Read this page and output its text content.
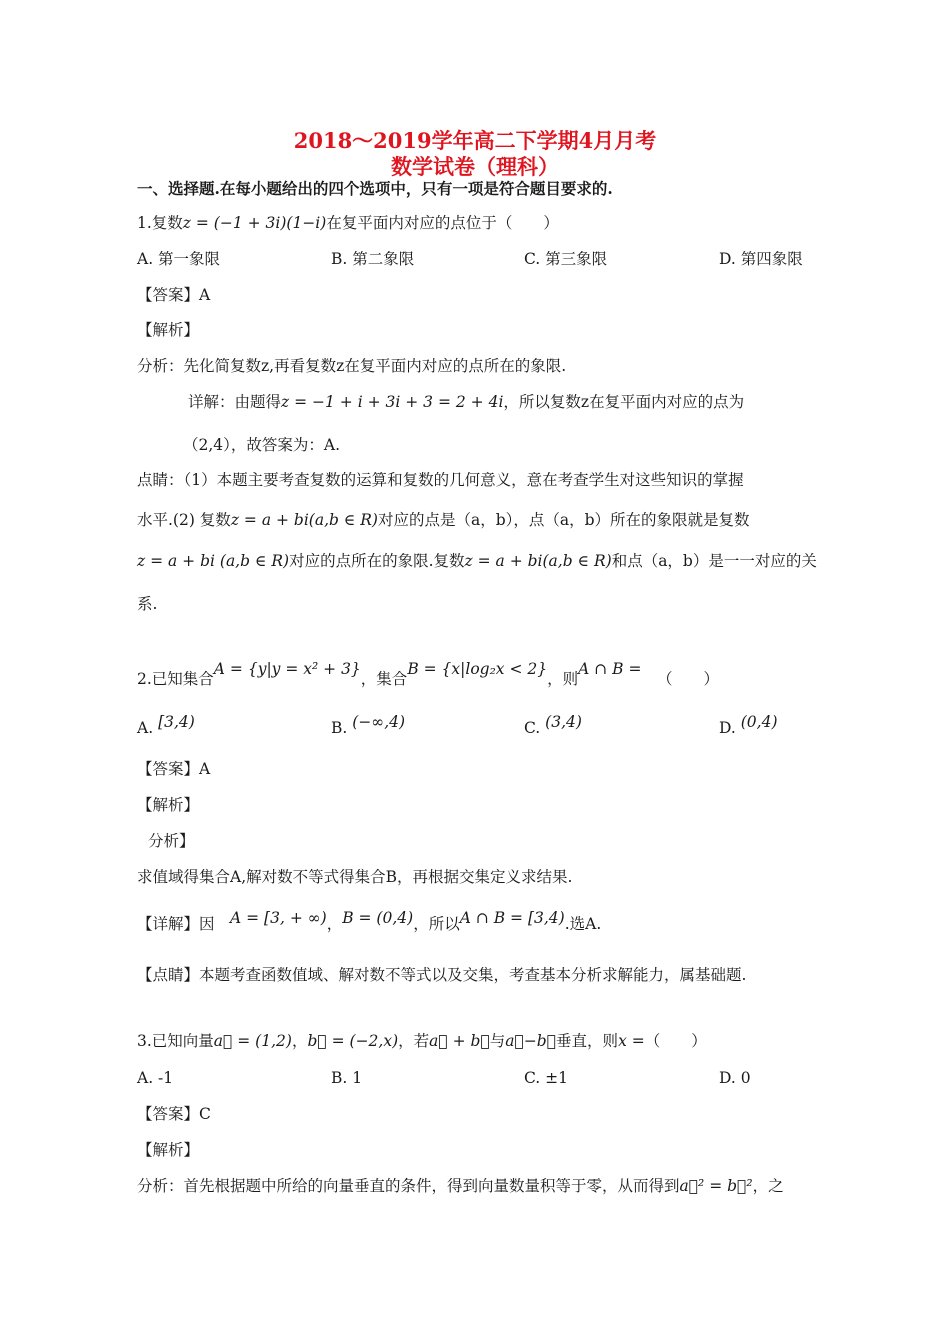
2018～2019学年高二下学期4月月考
数学试卷（理科）
一、选择题.在每小题给出的四个选项中，只有一项是符合题目要求的.
1.复数z = (−1 + 3i)(1−i)在复平面内对应的点位于（　　）
A. 第一象限	B. 第二象限	C. 第三象限	D. 第四象限
【答案】A
【解析】
分析：先化简复数z,再看复数z在复平面内对应的点所在的象限.
详解：由题得z = −1 + i + 3i + 3 = 2 + 4i，所以复数z在复平面内对应的点为
（2,4），故答案为：A.
点睛：（1）本题主要考查复数的运算和复数的几何意义，意在考查学生对这些知识的掌握
水平.(2) 复数z = a + bi(a,b ∈ R)对应的点是（a，b），点（a，b）所在的象限就是复数
z = a + bi (a,b ∈ R)对应的点所在的象限.复数z = a + bi(a,b ∈ R)和点（a，b）是一一对应的关
系.
2.已知集合A = {y|y = x² + 3}，集合B = {x|log₂x < 2}，则A ∩ B = （　　）
A. [3,4)	B. (−∞,4)	C. (3,4)	D. (0,4)
【答案】A
【解析】
分析】
求值域得集合A,解对数不等式得集合B，再根据交集定义求结果.
【详解】因  A = [3, + ∞)，B = (0,4)，所以A ∩ B = [3,4).选A.
【点睛】本题考查函数值域、解对数不等式以及交集，考查基本分析求解能力，属基础题.
3.已知向量a⃗ = (1,2)，b⃗ = (−2,x)，若a⃗ + b⃗与a⃗−b⃗垂直，则x =（　　）
A. -1	B. 1	C. ±1	D. 0
【答案】C
【解析】
分析：首先根据题中所给的向量垂直的条件，得到向量数量积等于零，从而得到a⃗² = b⃗²，之
